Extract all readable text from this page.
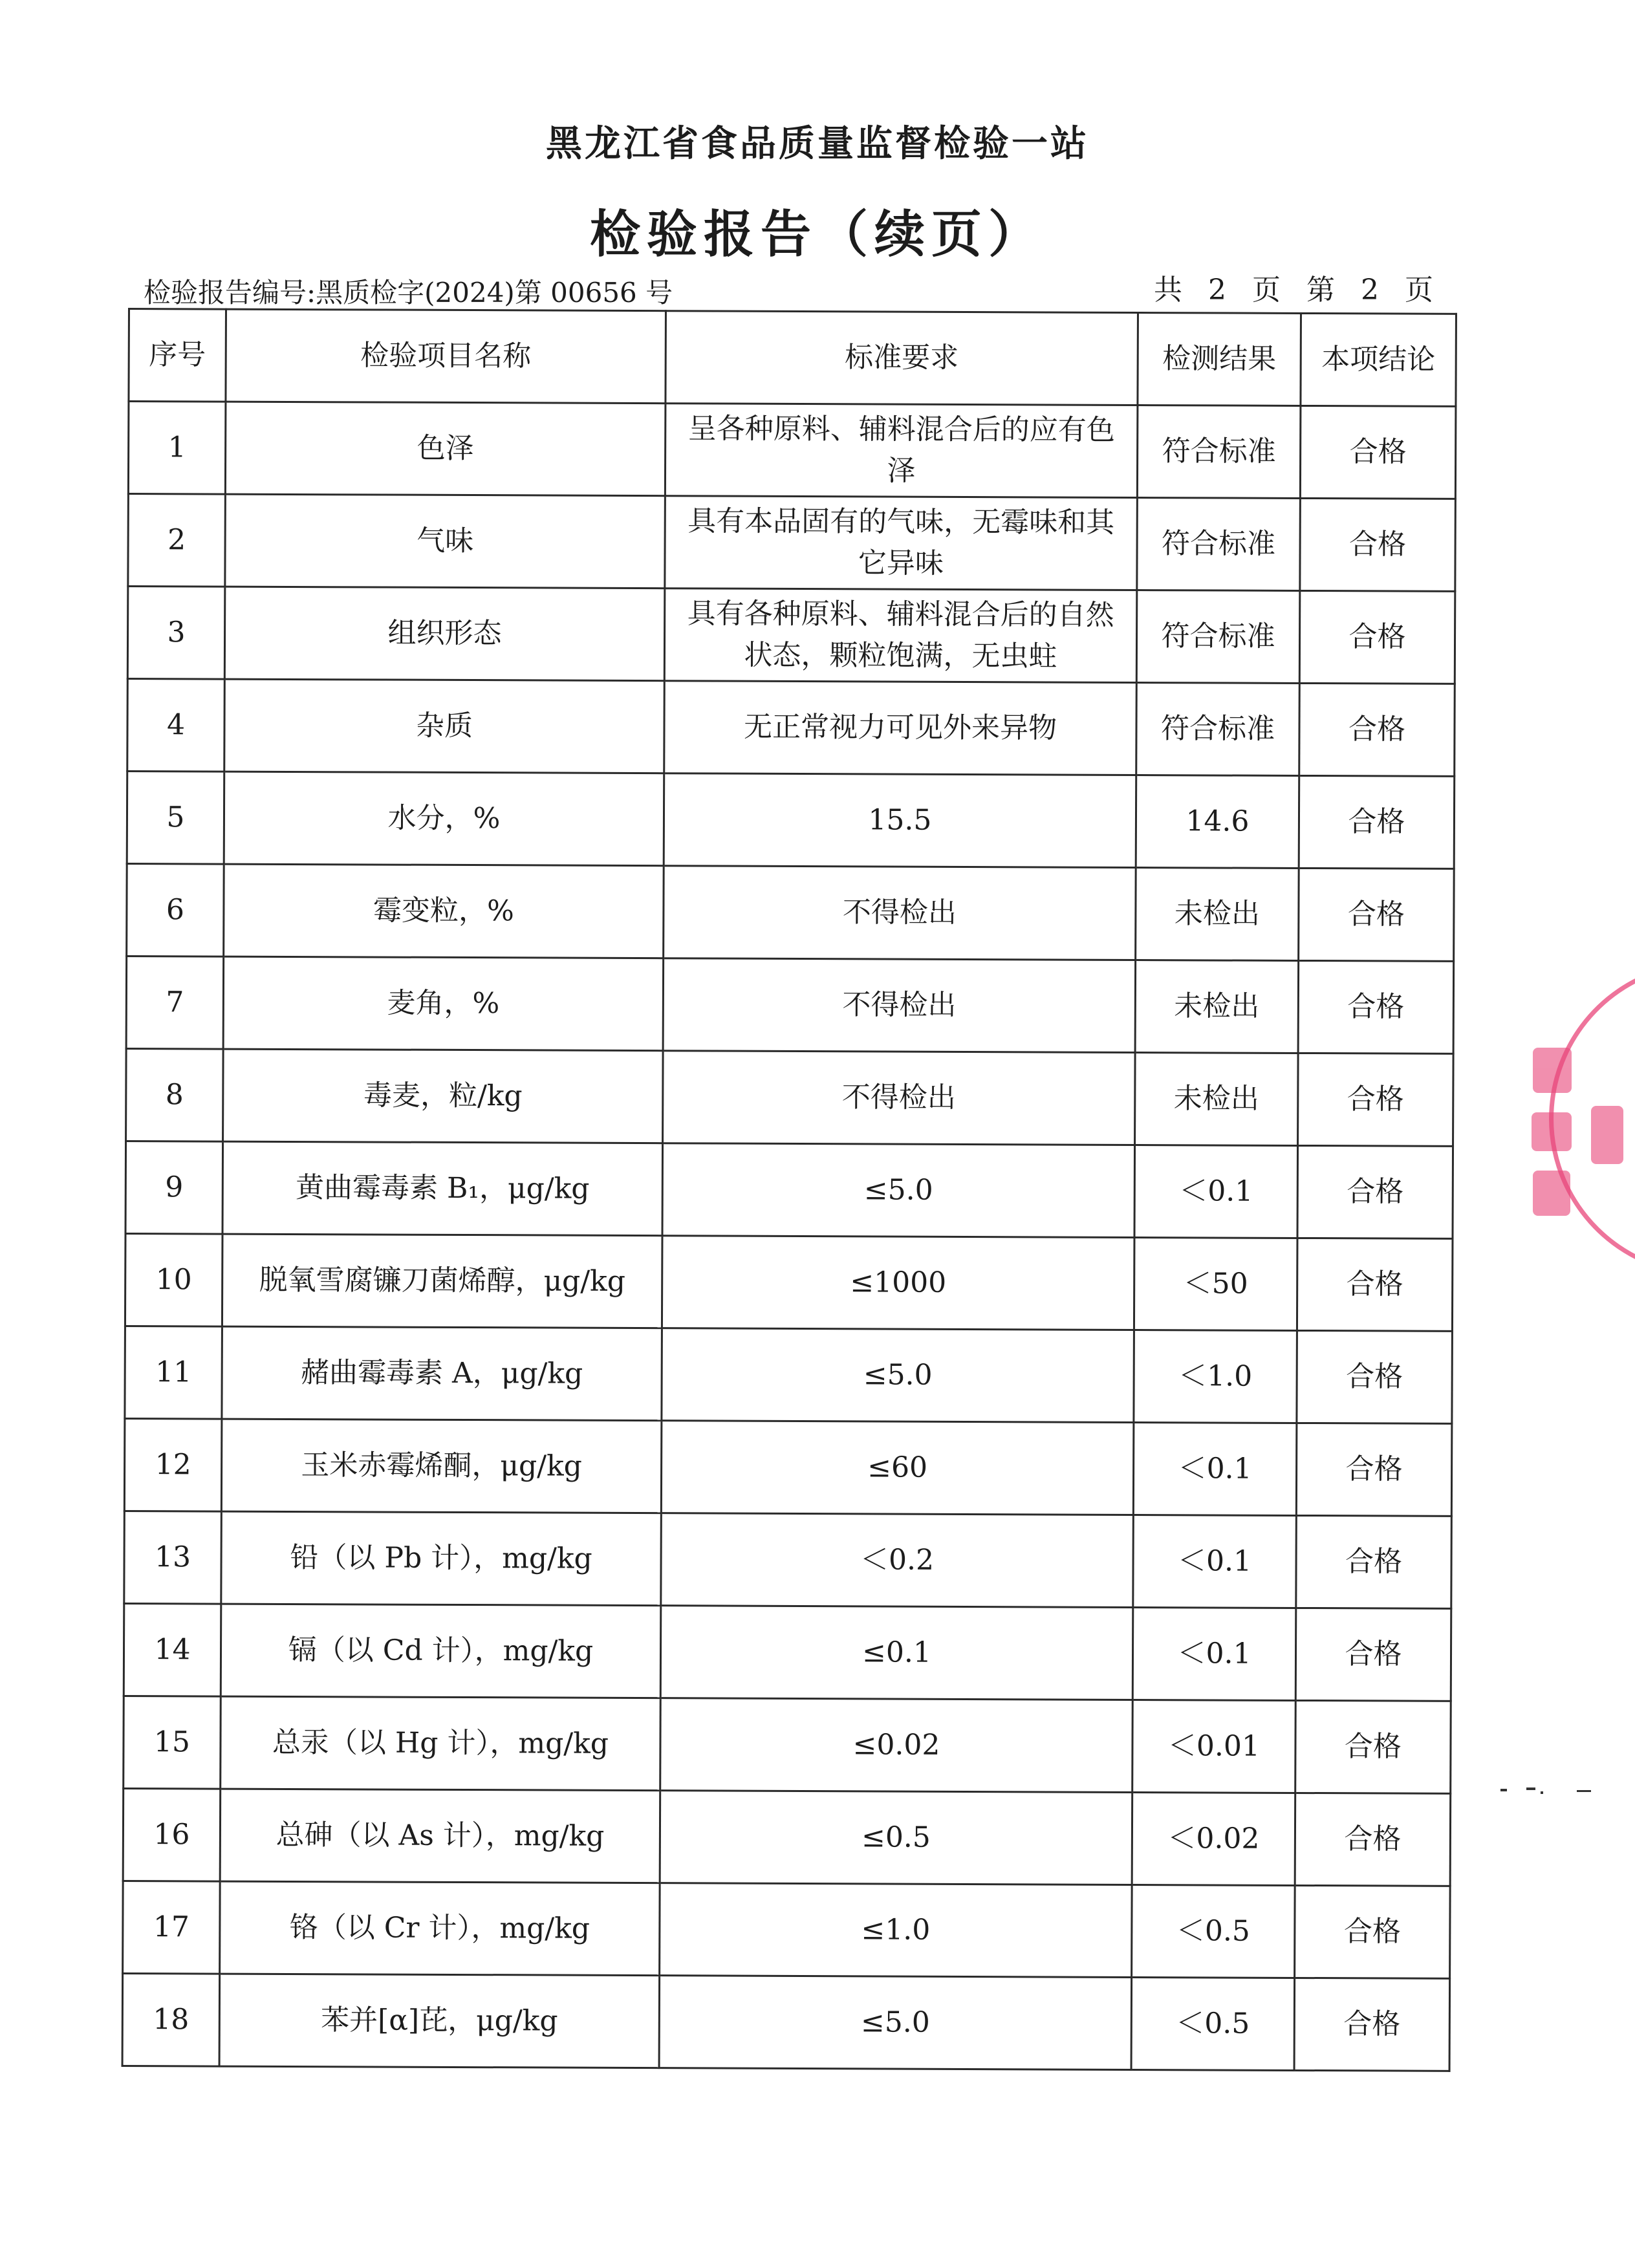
黑龙江省食品质量监督检验一站
检验报告（续页）
检验报告编号:黑质检字(2024)第 00656 号	共 2 页 第 2 页
序号	检验项目名称	标准要求	检测结果	本项结论
1	色泽	呈各种原料、辅料混合后的应有色泽	符合标准	合格
2	气味	具有本品固有的气味，无霉味和其它异味	符合标准	合格
3	组织形态	具有各种原料、辅料混合后的自然状态，颗粒饱满，无虫蛀	符合标准	合格
4	杂质	无正常视力可见外来异物	符合标准	合格
5	水分，%	15.5	14.6	合格
6	霉变粒，%	不得检出	未检出	合格
7	麦角，%	不得检出	未检出	合格
8	毒麦，粒/kg	不得检出	未检出	合格
9	黄曲霉毒素 B₁，μg/kg	≤5.0	＜0.1	合格
10	脱氧雪腐镰刀菌烯醇，μg/kg	≤1000	＜50	合格
11	赭曲霉毒素 A，μg/kg	≤5.0	＜1.0	合格
12	玉米赤霉烯酮，μg/kg	≤60	＜0.1	合格
13	铅（以 Pb 计），mg/kg	＜0.2	＜0.1	合格
14	镉（以 Cd 计），mg/kg	≤0.1	＜0.1	合格
15	总汞（以 Hg 计），mg/kg	≤0.02	＜0.01	合格
16	总砷（以 As 计），mg/kg	≤0.5	＜0.02	合格
17	铬（以 Cr 计），mg/kg	≤1.0	＜0.5	合格
18	苯并[α]芘，μg/kg	≤5.0	＜0.5	合格
